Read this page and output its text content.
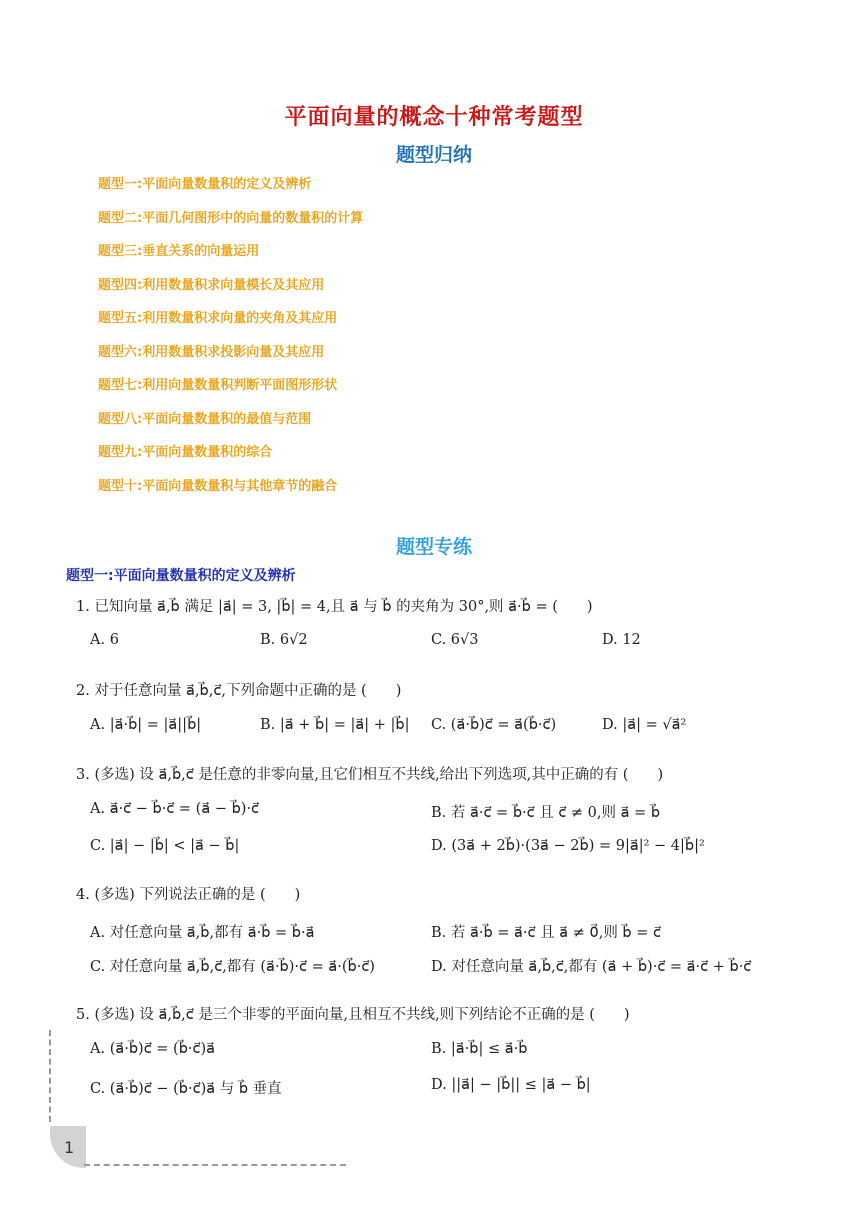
平面向量的概念十种常考题型
题型归纳
题型一:平面向量数量积的定义及辨析
题型二:平面几何图形中的向量的数量积的计算
题型三:垂直关系的向量运用
题型四:利用数量积求向量模长及其应用
题型五:利用数量积求向量的夹角及其应用
题型六:利用数量积求投影向量及其应用
题型七:利用向量数量积判断平面图形形状
题型八:平面向量数量积的最值与范围
题型九:平面向量数量积的综合
题型十:平面向量数量积与其他章节的融合
题型专练
题型一:平面向量数量积的定义及辨析
1. 已知向量 a⃗,b⃗ 满足 |a⃗| = 3, |b⃗| = 4,且 a⃗ 与 b⃗ 的夹角为 30°,则 a⃗·b⃗ = (　　)
A. 6	B. 6√2	C. 6√3	D. 12
2. 对于任意向量 a⃗,b⃗,c⃗,下列命题中正确的是 (　　)
A. |a⃗·b⃗| = |a⃗||b⃗|	B. |a⃗ + b⃗| = |a⃗| + |b⃗| C. (a⃗·b⃗)c⃗ = a⃗(b⃗·c⃗)	D. |a⃗| = √a⃗²
3. (多选) 设 a⃗,b⃗,c⃗ 是任意的非零向量,且它们相互不共线,给出下列选项,其中正确的有 (　　)
A. a⃗·c⃗ − b⃗·c⃗ = (a⃗ − b⃗)·c⃗	B. 若 a⃗·c⃗ = b⃗·c⃗ 且 c⃗ ≠ 0,则 a⃗ = b⃗
C. |a⃗| − |b⃗| < |a⃗ − b⃗|	D. (3a⃗ + 2b⃗)·(3a⃗ − 2b⃗) = 9|a⃗|² − 4|b⃗|²
4. (多选) 下列说法正确的是 (　　)
A. 对任意向量 a⃗,b⃗,都有 a⃗·b⃗ = b⃗·a⃗	B. 若 a⃗·b⃗ = a⃗·c⃗ 且 a⃗ ≠ 0⃗,则 b⃗ = c⃗
C. 对任意向量 a⃗,b⃗,c⃗,都有 (a⃗·b⃗)·c⃗ = a⃗·(b⃗·c⃗)	D. 对任意向量 a⃗,b⃗,c⃗,都有 (a⃗ + b⃗)·c⃗ = a⃗·c⃗ + b⃗·c⃗
5. (多选) 设 a⃗,b⃗,c⃗ 是三个非零的平面向量,且相互不共线,则下列结论不正确的是 (　　)
A. (a⃗·b⃗)c⃗ = (b⃗·c⃗)a⃗	B. |a⃗·b⃗| ≤ a⃗·b⃗
C. (a⃗·b⃗)c⃗ − (b⃗·c⃗)a⃗ 与 b⃗ 垂直	D. ||a⃗| − |b⃗|| ≤ |a⃗ − b⃗|
1
